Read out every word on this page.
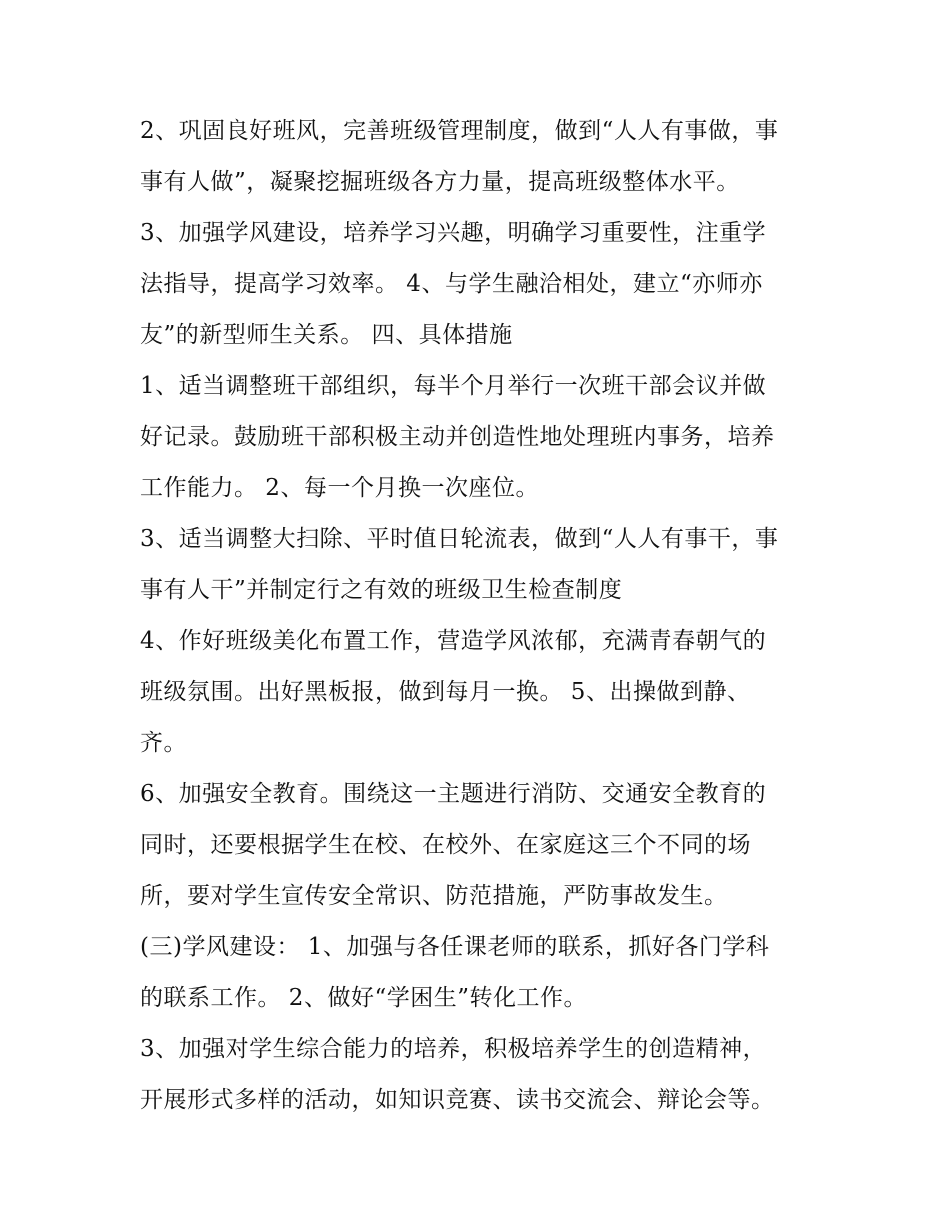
2、巩固良好班风，完善班级管理制度，做到“人人有事做，事

事有人做”，凝聚挖掘班级各方力量，提高班级整体水平。

3、加强学风建设，培养学习兴趣，明确学习重要性，注重学

法指导，提高学习效率。 4、与学生融洽相处，建立“亦师亦

友”的新型师生关系。 四、具体措施

1、适当调整班干部组织，每半个月举行一次班干部会议并做

好记录。鼓励班干部积极主动并创造性地处理班内事务，培养

工作能力。 2、每一个月换一次座位。

3、适当调整大扫除、平时值日轮流表，做到“人人有事干，事

事有人干”并制定行之有效的班级卫生检查制度

4、作好班级美化布置工作，营造学风浓郁，充满青春朝气的

班级氛围。出好黑板报，做到每月一换。 5、出操做到静、

齐。

6、加强安全教育。围绕这一主题进行消防、交通安全教育的

同时，还要根据学生在校、在校外、在家庭这三个不同的场

所，要对学生宣传安全常识、防范措施，严防事故发生。

(三)学风建设： 1、加强与各任课老师的联系，抓好各门学科

的联系工作。 2、做好“学困生”转化工作。

3、加强对学生综合能力的培养，积极培养学生的创造精神，

开展形式多样的活动，如知识竞赛、读书交流会、辩论会等。
